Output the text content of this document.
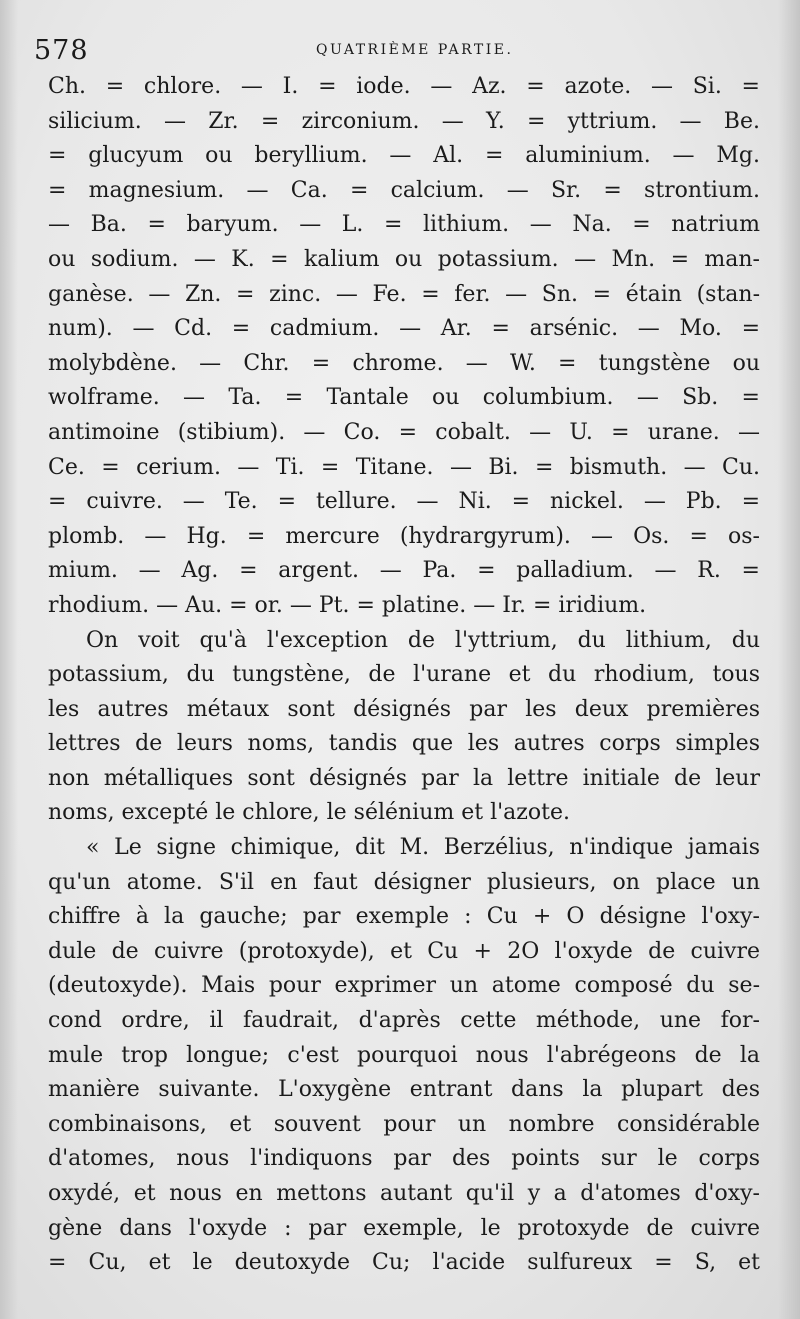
578	QUATRIÈME PARTIE.
Ch. = chlore. — I. = iode. — Az. = azote. — Si. =
silicium. — Zr. = zirconium. — Y. = yttrium. — Be.
= glucyum ou beryllium. — Al. = aluminium. — Mg.
= magnesium. — Ca. = calcium. — Sr. = strontium.
— Ba. = baryum. — L. = lithium. — Na. = natrium
ou sodium. — K. = kalium ou potassium. — Mn. = man-
ganèse. — Zn. = zinc. — Fe. = fer. — Sn. = étain (stan-
num). — Cd. = cadmium. — Ar. = arsénic. — Mo. =
molybdène. — Chr. = chrome. — W. = tungstène ou
wolframe. — Ta. = Tantale ou columbium. — Sb. =
antimoine (stibium). — Co. = cobalt. — U. = urane. —
Ce. = cerium. — Ti. = Titane. — Bi. = bismuth. — Cu.
= cuivre. — Te. = tellure. — Ni. = nickel. — Pb. =
plomb. — Hg. = mercure (hydrargyrum). — Os. = os-
mium. — Ag. = argent. — Pa. = palladium. — R. =
rhodium. — Au. = or. — Pt. = platine. — Ir. = iridium.
On voit qu'à l'exception de l'yttrium, du lithium, du
potassium, du tungstène, de l'urane et du rhodium, tous
les autres métaux sont désignés par les deux premières
lettres de leurs noms, tandis que les autres corps simples
non métalliques sont désignés par la lettre initiale de leur
noms, excepté le chlore, le sélénium et l'azote.
« Le signe chimique, dit M. Berzélius, n'indique jamais
qu'un atome. S'il en faut désigner plusieurs, on place un
chiffre à la gauche; par exemple : Cu + O désigne l'oxy-
dule de cuivre (protoxyde), et Cu + 2O l'oxyde de cuivre
(deutoxyde). Mais pour exprimer un atome composé du se-
cond ordre, il faudrait, d'après cette méthode, une for-
mule trop longue; c'est pourquoi nous l'abrégeons de la
manière suivante. L'oxygène entrant dans la plupart des
combinaisons, et souvent pour un nombre considérable
d'atomes, nous l'indiquons par des points sur le corps
oxydé, et nous en mettons autant qu'il y a d'atomes d'oxy-
gène dans l'oxyde : par exemple, le protoxyde de cuivre
= Cu, et le deutoxyde Cu; l'acide sulfureux = S, et
